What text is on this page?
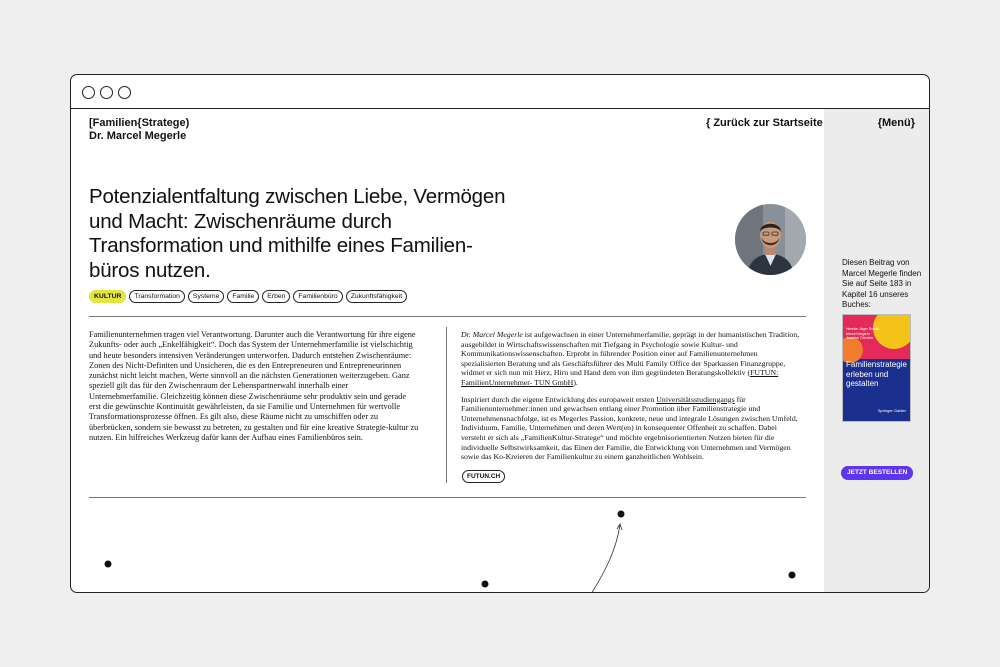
[Familien{Stratege)
Dr. Marcel Megerle
{ Zurück zur Startseite
Potenzialentfaltung zwischen Liebe, Vermögen und Macht: Zwischenräume durch Transformation und mithilfe eines Familien-büros nutzen.
KULTUR	Transformation	Systeme	Familie	Erben	Familienbüro	Zukunftsfähigkeit
Familienunternehmen tragen viel Verantwortung. Darunter auch die Verantwortung für ihre eigene Zukunfts- oder auch „Enkelfähigkeit“. Doch das System der Unternehmerfamilie ist vielschichtig und heute besonders intensiven Veränderungen unterworfen. Dadurch entstehen Zwischenräume: Zonen des Nicht-Definiten und Unsicheren, die es den Entrepreneuren und Entrepreneurinnen zunächst nicht leicht machen, Werte sinnvoll an die nächsten Generationen weiterzugeben. Ganz speziell gilt das für den Zwischenraum der Lebenspartnerwahl innerhalb einer Unternehmerfamilie. Gleichzeitig können diese Zwischenräume sehr produktiv sein und gerade erst die gewünschte Kontinuität gewährleisten, da sie Familie und Unternehmen für wertvolle Transformationsprozesse öffnen. Es gilt also, diese Räume nicht zu umschiffen oder zu überbrücken, sondern sie bewusst zu betreten, zu gestalten und für eine kreative Strategie-kultur zu nutzen. Ein hilfreiches Werkzeug dafür kann der Aufbau eines Familienbüros sein.

Dr. Marcel Megerle ist aufgewachsen in einer Unternehmerfamilie, geprägt in der humanistischen Tradition, ausgebildet in Wirtschaftswissenschaften mit Tiefgang in Psychologie sowie Kultur- und Kommunikationswissenschaften. Erprobt in führender Position einer auf Familienunternehmen spezialisierten Beratung und als Geschäftsführer des Multi Family Office der Sparkassen Finanzgruppe, widmet er sich nun mit Herz, Hirn und Hand dem von ihm gegründeten Beratungskollektiv (FUTUN: FamilienUnternehmer- TUN GmbH).

Inspiriert durch die eigene Entwicklung des europaweit ersten Universitätsstudiengangs für Familienunternehmer:innen und gewachsen entlang einer Promotion über Familienstrategie und Unternehmensnachfolge, ist es Megerles Passion, konkrete, neue und integrale Lösungen zwischen Umfeld, Individuum, Familie, Unternehmen und deren Wert(en) in konsequenter Offenheit zu schaffen. Dabei versteht er sich als „FamilienKultur-Stratege“ und möchte ergebnisorientierten Nutzen bieten für die individuelle Selbstwirksamkeit, das Einen der Familie, die Entwicklung von Unternehmen und Vermögen sowie das Ko-Kreieren der Familienkultur zu einem ganzheitlichen Wohlsein.

FUTUN.CH
{Menü}
Diesen Beitrag von Marcel Megerle finden Sie auf Seite 183 in Kapitel 16 unseres Buches:
Henrike Jäger Rudolf · Marcel Megerle · Joachim Ohmeier
Familienstrategie erleben und gestalten
Springer Gabler
JETZT BESTELLEN
